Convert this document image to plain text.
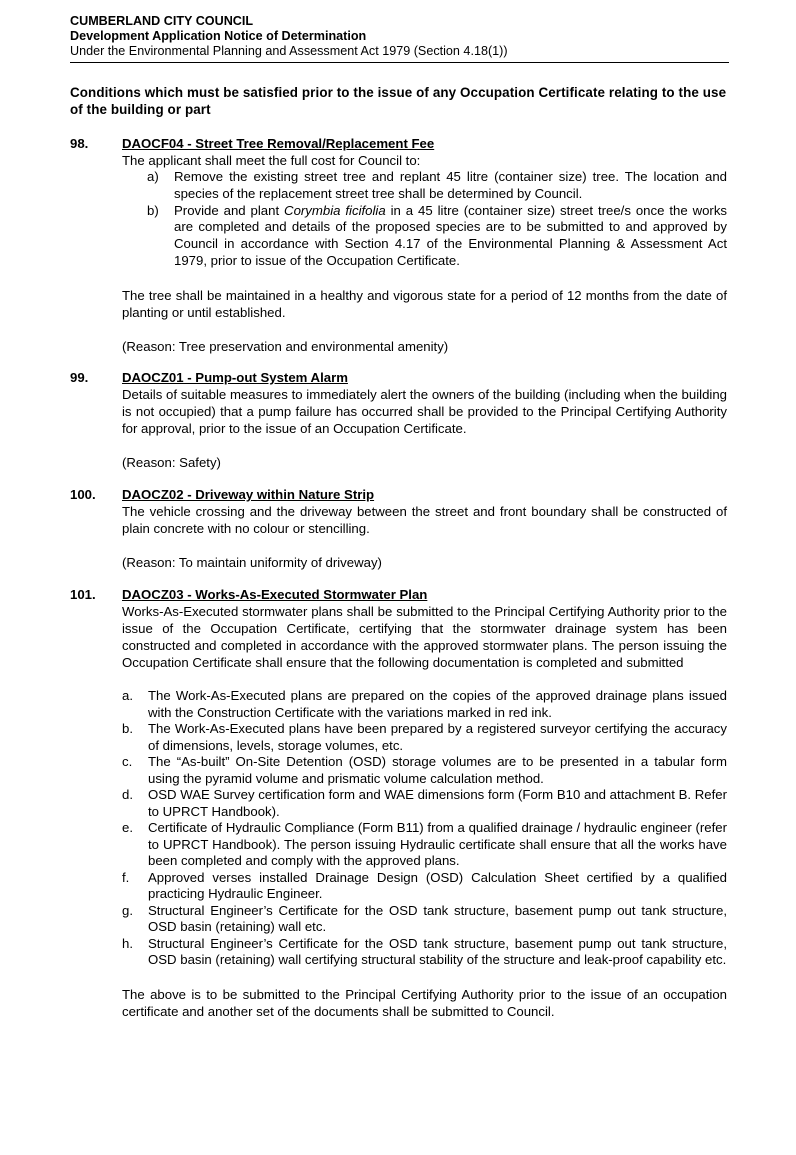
CUMBERLAND CITY COUNCIL
Development Application Notice of Determination
Under the Environmental Planning and Assessment Act 1979 (Section 4.18(1))
Conditions which must be satisfied prior to the issue of any Occupation Certificate relating to the use of the building or part
98.	DAOCF04 - Street Tree Removal/Replacement Fee

The applicant shall meet the full cost for Council to:

a) Remove the existing street tree and replant 45 litre (container size) tree. The location and species of the replacement street tree shall be determined by Council.
b) Provide and plant Corymbia ficifolia in a 45 litre (container size) street tree/s once the works are completed and details of the proposed species are to be submitted to and approved by Council in accordance with Section 4.17 of the Environmental Planning & Assessment Act 1979, prior to issue of the Occupation Certificate.

The tree shall be maintained in a healthy and vigorous state for a period of 12 months from the date of planting or until established.

(Reason: Tree preservation and environmental amenity)

99.	DAOCZ01 - Pump-out System Alarm

Details of suitable measures to immediately alert the owners of the building (including when the building is not occupied) that a pump failure has occurred shall be provided to the Principal Certifying Authority for approval, prior to the issue of an Occupation Certificate.

(Reason: Safety)

100. DAOCZ02 - Driveway within Nature Strip

The vehicle crossing and the driveway between the street and front boundary shall be constructed of plain concrete with no colour or stencilling.

(Reason: To maintain uniformity of driveway)

101. DAOCZ03 - Works-As-Executed Stormwater Plan

Works-As-Executed stormwater plans shall be submitted to the Principal Certifying Authority prior to the issue of the Occupation Certificate, certifying that the stormwater drainage system has been constructed and completed in accordance with the approved stormwater plans. The person issuing the Occupation Certificate shall ensure that the following documentation is completed and submitted

a. The Work-As-Executed plans are prepared on the copies of the approved drainage plans issued with the Construction Certificate with the variations marked in red ink.
b. The Work-As-Executed plans have been prepared by a registered surveyor certifying the accuracy of dimensions, levels, storage volumes, etc.
c. The “As-built” On-Site Detention (OSD) storage volumes are to be presented in a tabular form using the pyramid volume and prismatic volume calculation method.
d. OSD WAE Survey certification form and WAE dimensions form (Form B10 and attachment B. Refer to UPRCT Handbook).
e. Certificate of Hydraulic Compliance (Form B11) from a qualified drainage / hydraulic engineer (refer to UPRCT Handbook). The person issuing Hydraulic certificate shall ensure that all the works have been completed and comply with the approved plans.
f. Approved verses installed Drainage Design (OSD) Calculation Sheet certified by a qualified practicing Hydraulic Engineer.
g. Structural Engineer’s Certificate for the OSD tank structure, basement pump out tank structure, OSD basin (retaining) wall etc.
h. Structural Engineer’s Certificate for the OSD tank structure, basement pump out tank structure, OSD basin (retaining) wall certifying structural stability of the structure and leak-proof capability etc.

The above is to be submitted to the Principal Certifying Authority prior to the issue of an occupation certificate and another set of the documents shall be submitted to Council.
